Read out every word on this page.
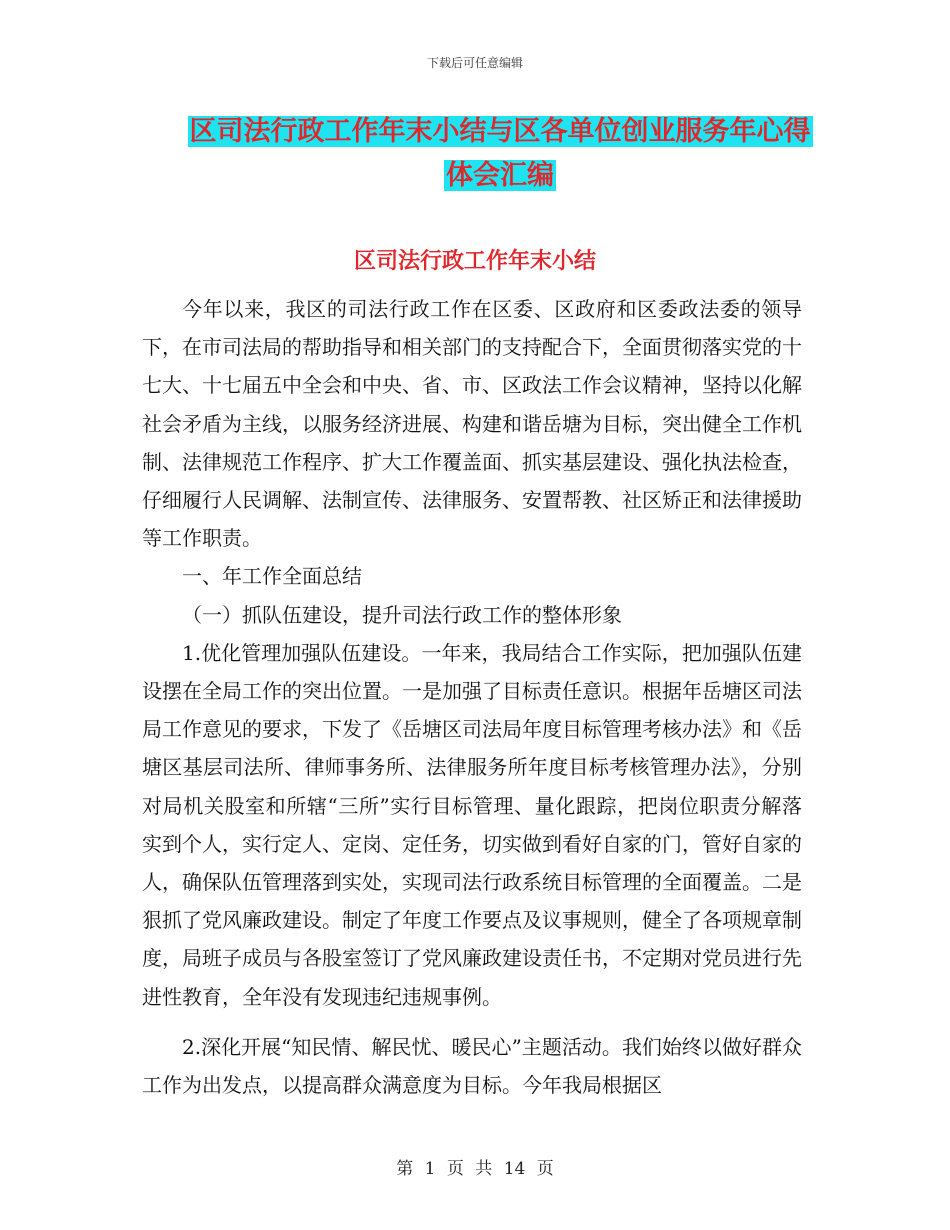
下载后可任意编辑
区司法行政工作年末小结与区各单位创业服务年心得
体会汇编
区司法行政工作年末小结

今年以来，我区的司法行政工作在区委、区政府和区委政法委的领导下，在市司法局的帮助指导和相关部门的支持配合下，全面贯彻落实党的十七大、十七届五中全会和中央、省、市、区政法工作会议精神，坚持以化解社会矛盾为主线，以服务经济进展、构建和谐岳塘为目标，突出健全工作机制、法律规范工作程序、扩大工作覆盖面、抓实基层建设、强化执法检查，仔细履行人民调解、法制宣传、法律服务、安置帮教、社区矫正和法律援助等工作职责。

一、年工作全面总结

（一）抓队伍建设，提升司法行政工作的整体形象

1.优化管理加强队伍建设。一年来，我局结合工作实际，把加强队伍建设摆在全局工作的突出位置。一是加强了目标责任意识。根据年岳塘区司法局工作意见的要求，下发了《岳塘区司法局年度目标管理考核办法》和《岳塘区基层司法所、律师事务所、法律服务所年度目标考核管理办法》，分别对局机关股室和所辖“三所”实行目标管理、量化跟踪，把岗位职责分解落实到个人，实行定人、定岗、定任务，切实做到看好自家的门，管好自家的人，确保队伍管理落到实处，实现司法行政系统目标管理的全面覆盖。二是狠抓了党风廉政建设。制定了年度工作要点及议事规则，健全了各项规章制度，局班子成员与各股室签订了党风廉政建设责任书，不定期对党员进行先进性教育，全年没有发现违纪违规事例。

2.深化开展“知民情、解民忧、暖民心”主题活动。我们始终以做好群众工作为出发点，以提高群众满意度为目标。今年我局根据区

第 1 页 共 14 页
